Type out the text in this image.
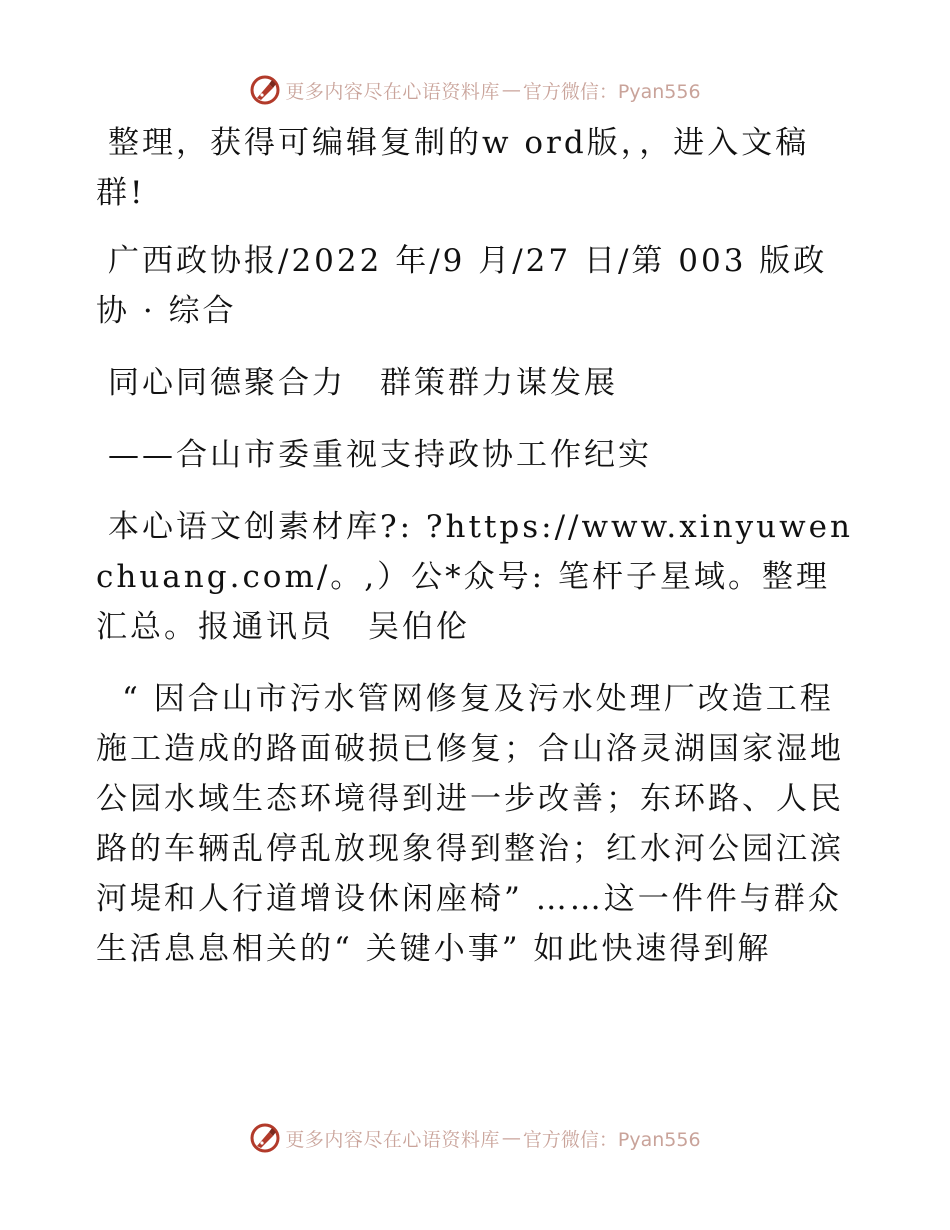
更多内容尽在心语资料库 — 官方微信：Pyan556

整理，获得可编辑复制的w ord版，，进入文稿群!

广西政协报/2022 年/9 月/27 日/第 003 版政协 · 综合

同心同德聚合力　群策群力谋发展

——合山市委重视支持政协工作纪实

本心语文创素材库?: ?https://www.xinyuwenchuang.com/。,）公*众号: 笔杆子星域。整理汇总。报通讯员　吴伯伦

“ 因合山市污水管网修复及污水处理厂改造工程施工造成的路面破损已修复；合山洛灵湖国家湿地公园水域生态环境得到进一步改善；东环路、人民路的车辆乱停乱放现象得到整治；红水河公园江滨河堤和人行道增设休闲座椅” ……这一件件与群众生活息息相关的“ 关键小事” 如此快速得到解

更多内容尽在心语资料库 — 官方微信：Pyan556
